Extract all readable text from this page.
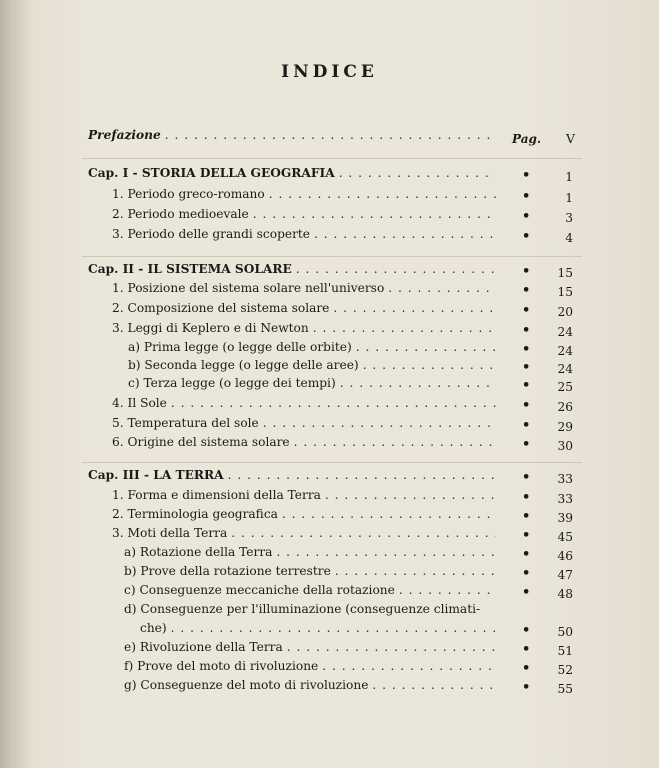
INDICE
Prefazione . . .	Pag. V
Cap. I - STORIA DELLA GEOGRAFIA . . .	•	1
1. Periodo greco-romano . . .	•	1
2. Periodo medioevale . . .	•	3
3. Periodo delle grandi scoperte . . .	•	4
Cap. II - IL SISTEMA SOLARE . . .	• 15
1. Posizione del sistema solare nell'universo . . .	• 15
2. Composizione del sistema solare . . .	• 20
3. Leggi di Keplero e di Newton . . .	• 24
a) Prima legge (o legge delle orbite) . . .	• 24
b) Seconda legge (o legge delle aree) . . .	• 24
c) Terza legge (o legge dei tempi) . . .	• 25
4. Il Sole . . .	• 26
5. Temperatura del sole . . .	• 29
6. Origine del sistema solare . . .	• 30
Cap. III - LA TERRA . . .	• 33
1. Forma e dimensioni della Terra . . .	• 33
2. Terminologia geografica . . .	• 39
3. Moti della Terra . . .	• 45
a) Rotazione della Terra . . .	• 46
b) Prove della rotazione terrestre . . .	• 47
c) Conseguenze meccaniche della rotazione . . .	• 48
d) Conseguenze per l'illuminazione (conseguenze climati-
che) . . .	• 50
e) Rivoluzione della Terra . . .	• 51
f) Prove del moto di rivoluzione . . .	• 52
g) Conseguenze del moto di rivoluzione . . .	• 55
